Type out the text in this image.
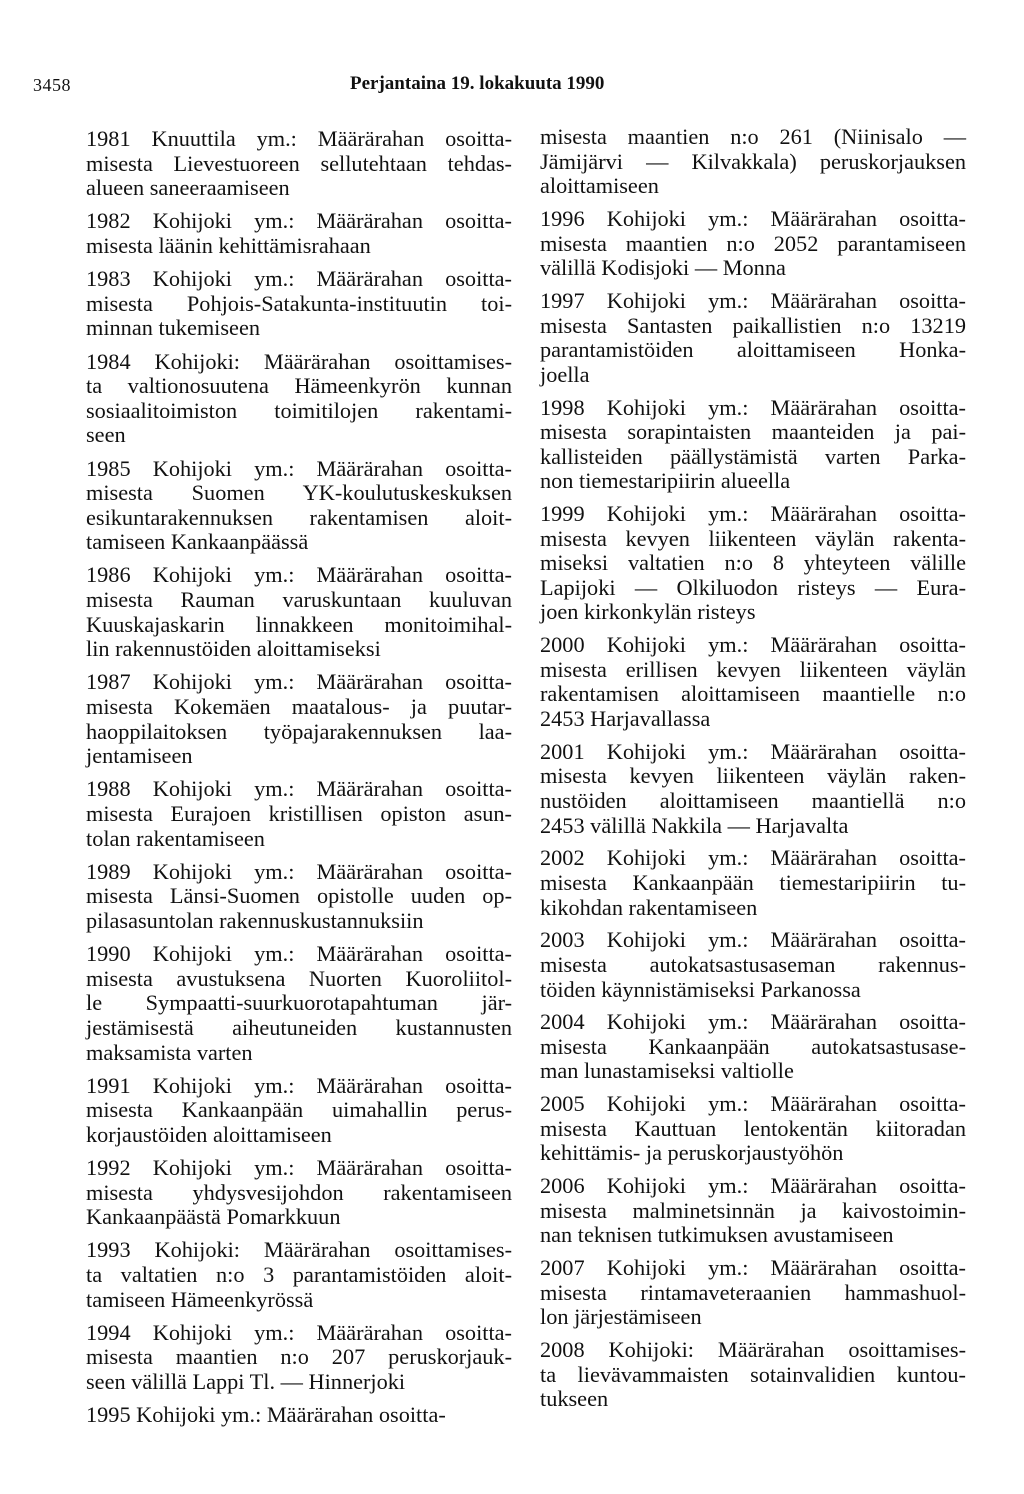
3458	Perjantaina 19. lokakuuta 1990
1981 Knuuttila ym.: Määrärahan osoitta-
misesta Lievestuoreen sellutehtaan tehdas-
alueen saneeraamiseen
1982 Kohijoki ym.: Määrärahan osoitta-
misesta läänin kehittämisrahaan
1983 Kohijoki ym.: Määrärahan osoitta-
misesta Pohjois-Satakunta-instituutin toi-
minnan tukemiseen
1984 Kohijoki: Määrärahan osoittamises-
ta valtionosuutena Hämeenkyrön kunnan
sosiaalitoimiston toimitilojen rakentami-
seen
1985 Kohijoki ym.: Määrärahan osoitta-
misesta Suomen YK-koulutuskeskuksen
esikuntarakennuksen rakentamisen aloit-
tamiseen Kankaanpäässä
1986 Kohijoki ym.: Määrärahan osoitta-
misesta Rauman varuskuntaan kuuluvan
Kuuskajaskarin linnakkeen monitoimihal-
lin rakennustöiden aloittamiseksi
1987 Kohijoki ym.: Määrärahan osoitta-
misesta Kokemäen maatalous- ja puutar-
haoppilaitoksen työpajarakennuksen laa-
jentamiseen
1988 Kohijoki ym.: Määrärahan osoitta-
misesta Eurajoen kristillisen opiston asun-
tolan rakentamiseen
1989 Kohijoki ym.: Määrärahan osoitta-
misesta Länsi-Suomen opistolle uuden op-
pilasasuntolan rakennuskustannuksiin
1990 Kohijoki ym.: Määrärahan osoitta-
misesta avustuksena Nuorten Kuoroliitol-
le Sympaatti-suurkuorotapahtuman jär-
jestämisestä aiheutuneiden kustannusten
maksamista varten
1991 Kohijoki ym.: Määrärahan osoitta-
misesta Kankaanpään uimahallin perus-
korjaustöiden aloittamiseen
1992 Kohijoki ym.: Määrärahan osoitta-
misesta yhdysvesijohdon rakentamiseen
Kankaanpäästä Pomarkkuun
1993 Kohijoki: Määrärahan osoittamises-
ta valtatien n:o 3 parantamistöiden aloit-
tamiseen Hämeenkyrössä
1994 Kohijoki ym.: Määrärahan osoitta-
misesta maantien n:o 207 peruskorjauk-
seen välillä Lappi Tl. — Hinnerjoki
1995 Kohijoki ym.: Määrärahan osoitta-
misesta maantien n:o 261 (Niinisalo —
Jämijärvi — Kilvakkala) peruskorjauksen
aloittamiseen
1996 Kohijoki ym.: Määrärahan osoitta-
misesta maantien n:o 2052 parantamiseen
välillä Kodisjoki — Monna
1997 Kohijoki ym.: Määrärahan osoitta-
misesta Santasten paikallistien n:o 13219
parantamistöiden aloittamiseen Honka-
joella
1998 Kohijoki ym.: Määrärahan osoitta-
misesta sorapintaisten maanteiden ja pai-
kallisteiden päällystämistä varten Parka-
non tiemestaripiirin alueella
1999 Kohijoki ym.: Määrärahan osoitta-
misesta kevyen liikenteen väylän rakenta-
miseksi valtatien n:o 8 yhteyteen välille
Lapijoki — Olkiluodon risteys — Eura-
joen kirkonkylän risteys
2000 Kohijoki ym.: Määrärahan osoitta-
misesta erillisen kevyen liikenteen väylän
rakentamisen aloittamiseen maantielle n:o
2453 Harjavallassa
2001 Kohijoki ym.: Määrärahan osoitta-
misesta kevyen liikenteen väylän raken-
nustöiden aloittamiseen maantiellä n:o
2453 välillä Nakkila — Harjavalta
2002 Kohijoki ym.: Määrärahan osoitta-
misesta Kankaanpään tiemestaripiirin tu-
kikohdan rakentamiseen
2003 Kohijoki ym.: Määrärahan osoitta-
misesta autokatsastusaseman rakennus-
töiden käynnistämiseksi Parkanossa
2004 Kohijoki ym.: Määrärahan osoitta-
misesta Kankaanpään autokatsastusase-
man lunastamiseksi valtiolle
2005 Kohijoki ym.: Määrärahan osoitta-
misesta Kauttuan lentokentän kiitoradan
kehittämis- ja peruskorjaustyöhön
2006 Kohijoki ym.: Määrärahan osoitta-
misesta malminetsinnän ja kaivostoimin-
nan teknisen tutkimuksen avustamiseen
2007 Kohijoki ym.: Määrärahan osoitta-
misesta rintamaveteraanien hammashuol-
lon järjestämiseen
2008 Kohijoki: Määrärahan osoittamises-
ta lievävammaisten sotainvalidien kuntou-
tukseen
